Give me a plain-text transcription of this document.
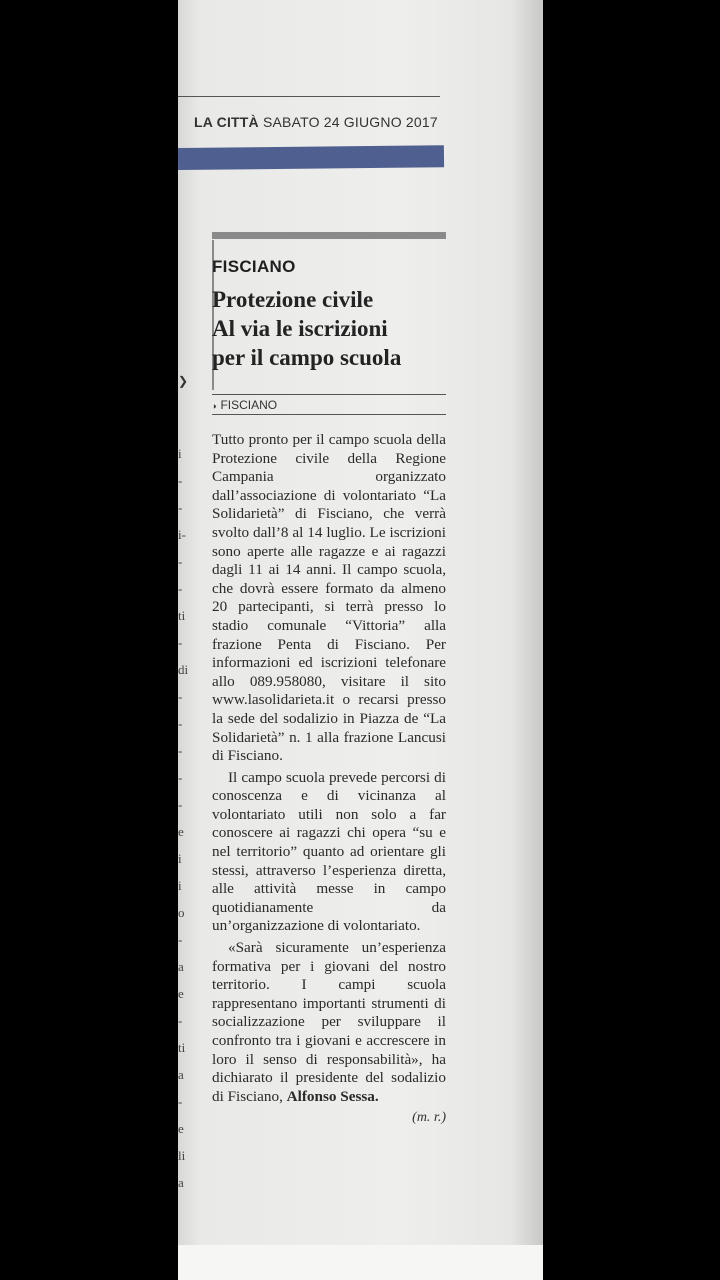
LA CITTÀ SABATO 24 GIUGNO 2017
❯
i
-
-
i-
-
-
ti
-
di
-
-
-
-
-
e
i
i
o
-
a
e
-
ti
a
-
e
li
a
FISCIANO
Protezione civile
Al via le iscrizioni
per il campo scuola
◗ FISCIANO

Tutto pronto per il campo scuola della Protezione civile della Regione Campania organizzato dall’associazione di volontariato “La Solidarietà” di Fisciano, che verrà svolto dall’8 al 14 luglio. Le iscrizioni sono aperte alle ragazze e ai ragazzi dagli 11 ai 14 anni. Il campo scuola, che dovrà essere formato da almeno 20 partecipanti, si terrà presso lo stadio comunale “Vittoria” alla frazione Penta di Fisciano. Per informazioni ed iscrizioni telefonare allo 089.958080, visitare il sito www.lasolidarieta.it o recarsi presso la sede del sodalizio in Piazza de “La Solidarietà” n. 1 alla frazione Lancusi di Fisciano.

Il campo scuola prevede percorsi di conoscenza e di vicinanza al volontariato utili non solo a far conoscere ai ragazzi chi opera “su e nel territorio” quanto ad orientare gli stessi, attraverso l’esperienza diretta, alle attività messe in campo quotidianamente da un’organizzazione di volontariato.

«Sarà sicuramente un’esperienza formativa per i giovani del nostro territorio. I campi scuola rappresentano importanti strumenti di socializzazione per sviluppare il confronto tra i giovani e accrescere in loro il senso di responsabilità», ha dichiarato il presidente del sodalizio di Fisciano, Alfonso Sessa.

(m. r.)
